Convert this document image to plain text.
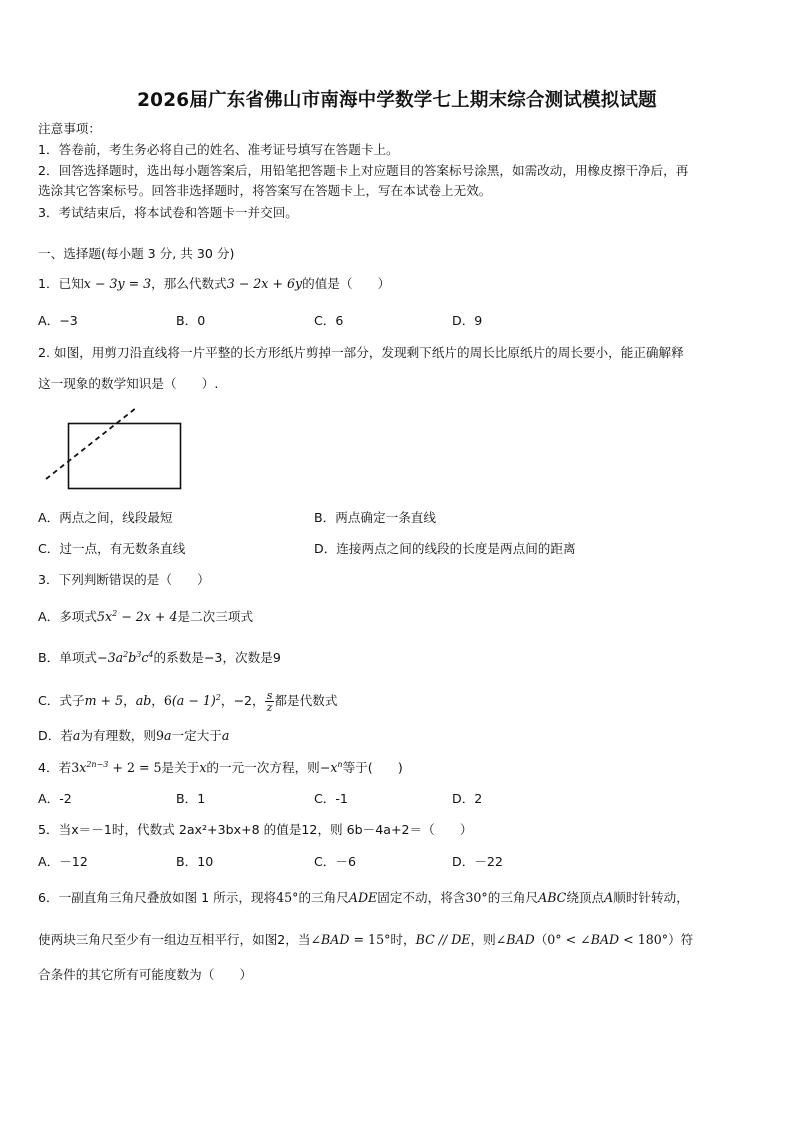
2026届广东省佛山市南海中学数学七上期末综合测试模拟试题
注意事项：
1．答卷前，考生务必将自己的姓名、准考证号填写在答题卡上。
2．回答选择题时，选出每小题答案后，用铅笔把答题卡上对应题目的答案标号涂黑，如需改动，用橡皮擦干净后，再
选涂其它答案标号。回答非选择题时，将答案写在答题卡上，写在本试卷上无效。
3．考试结束后，将本试卷和答题卡一并交回。
一、选择题(每小题 3 分, 共 30 分)
1．已知x − 3y = 3，那么代数式3 − 2x + 6y的值是（　　）
A．−3	B．0	C．6	D．9
2. 如图，用剪刀沿直线将一片平整的长方形纸片剪掉一部分，发现剩下纸片的周长比原纸片的周长要小，能正确解释
这一现象的数学知识是（　　）.
A．两点之间，线段最短	B．两点确定一条直线
C．过一点，有无数条直线	D．连接两点之间的线段的长度是两点间的距离
3．下列判断错误的是（　　）
A．多项式$5x^2 - 2x + 4$是二次三项式
B．单项式$-3a^2b^3c^4$的系数是−3，次数是9
C．式子m + 5，ab，$6(a - 1)^2$，−2， $\frac{s}{z}$ 都是代数式
D．若a为有理数，则9a一定大于a
4．若$3x^{2n-3} + 2 = 5$是关于x的一元一次方程，则$-x^n$等于(　　)
A．-2	B．1	C．-1	D．2
5．当x＝－1时，代数式 2ax²+3bx+8 的值是12，则 6b－4a+2＝（　　）
A．－12	B．10	C．－6	D．－22
6．一副直角三角尺叠放如图 1 所示，现将45°的三角尺ADE固定不动，将含30°的三角尺ABC绕顶点A顺时针转动，
使两块三角尺至少有一组边互相平行，如图2，当∠BAD = 15°时，BC // DE，则∠BAD（0° < ∠BAD < 180°）符
合条件的其它所有可能度数为（　　）
